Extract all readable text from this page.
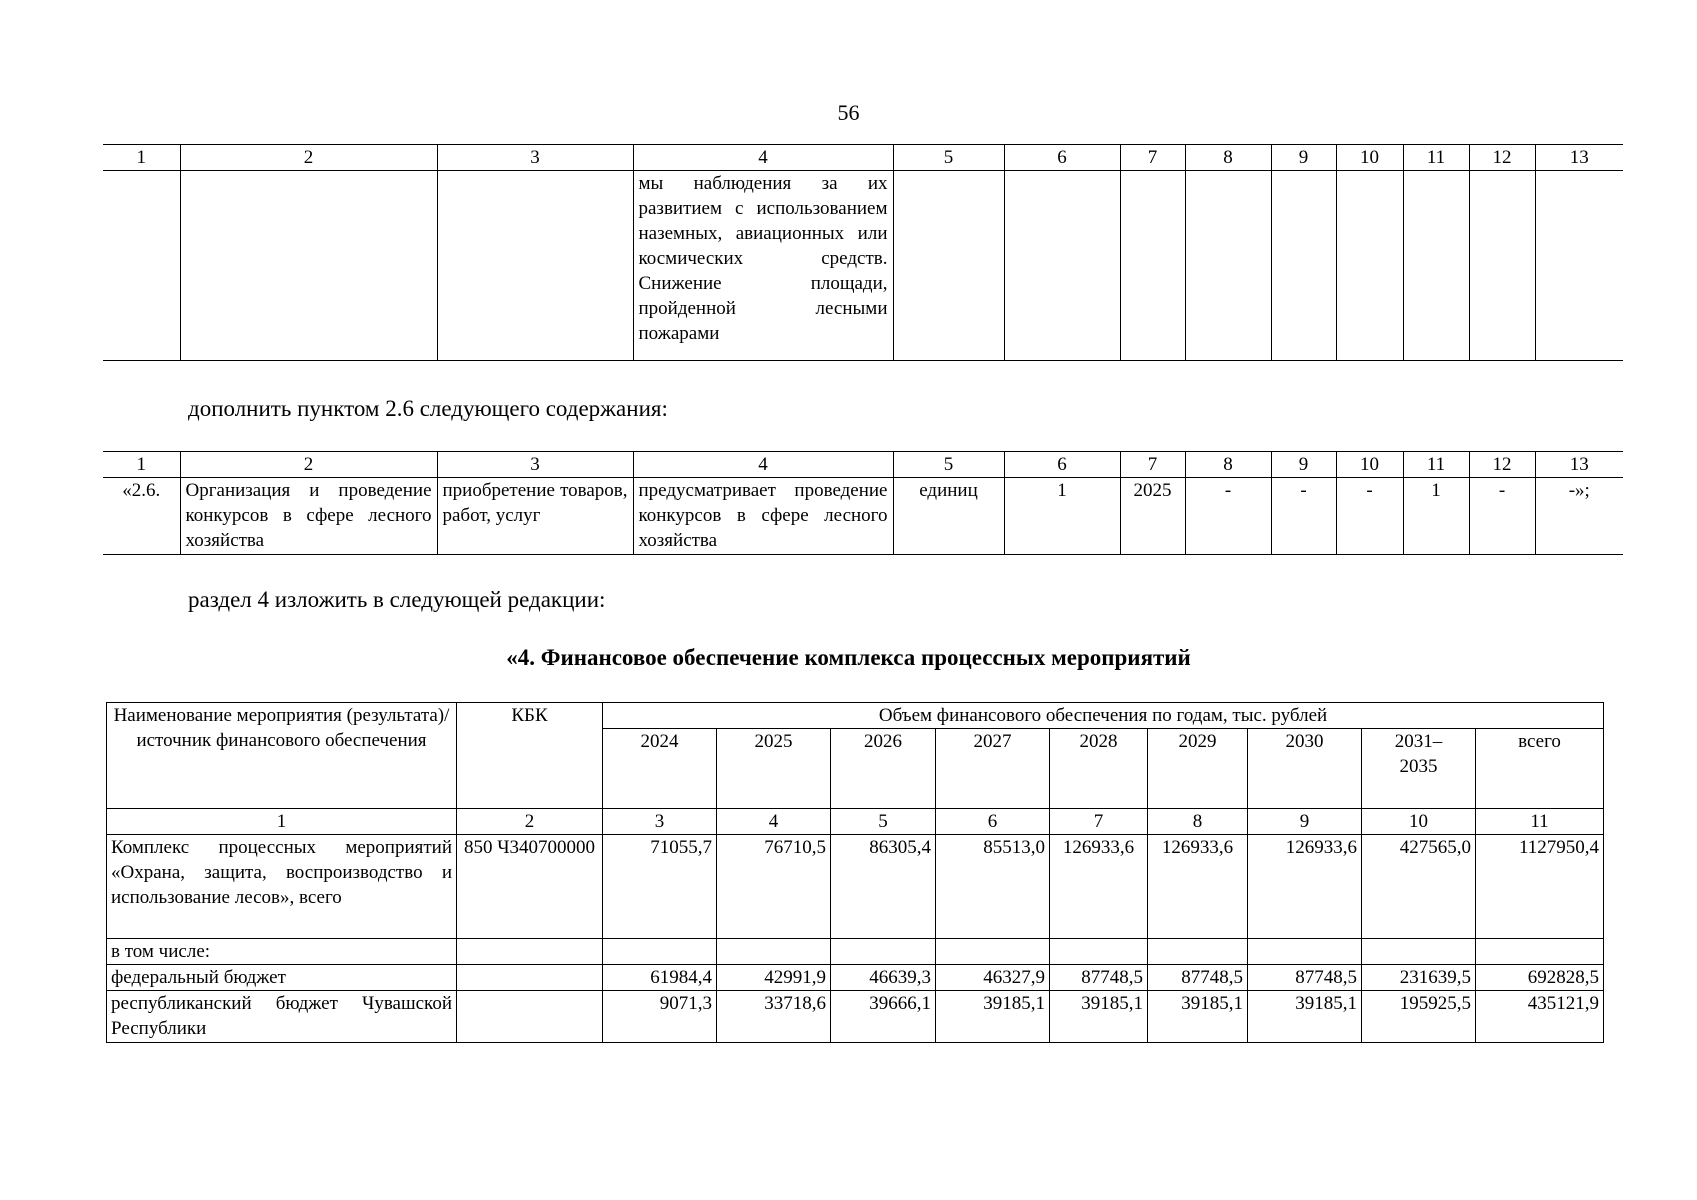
56
1	2	3	4	5	6	7	8	9	10	11	12	13
			мы наблюдения за их развитием с использованием наземных, авиационных или космических средств. Снижение площади, пройденной лесными пожарами									
дополнить пунктом 2.6 следующего содержания:
1	2	3	4	5	6	7	8	9	10	11	12	13
«2.6.	Организация и проведение конкурсов в сфере лесного хозяйства	приобретение товаров, работ, услуг	предусматривает проведение конкурсов в сфере лесного хозяйства	единиц	1	2025	-	-	-	1	-	-»;
раздел 4 изложить в следующей редакции:
«4. Финансовое обеспечение комплекса процессных мероприятий
Наименование мероприятия (результата)/источник финансового обеспечения	КБК	Объем финансового обеспечения по годам, тыс. рублей								
		2024	2025	2026	2027	2028	2029	2030	2031–2035	всего
1	2	3	4	5	6	7	8	9	10	11
Комплекс процессных мероприятий «Охрана, защита, воспроизводство и использование лесов», всего	850 Ч340700000	71055,7	76710,5	86305,4	85513,0	126933,6	126933,6	126933,6	427565,0	1127950,4
в том числе:										
федеральный бюджет		61984,4	42991,9	46639,3	46327,9	87748,5	87748,5	87748,5	231639,5	692828,5
республиканский бюджет Чувашской Республики		9071,3	33718,6	39666,1	39185,1	39185,1	39185,1	39185,1	195925,5	435121,9
